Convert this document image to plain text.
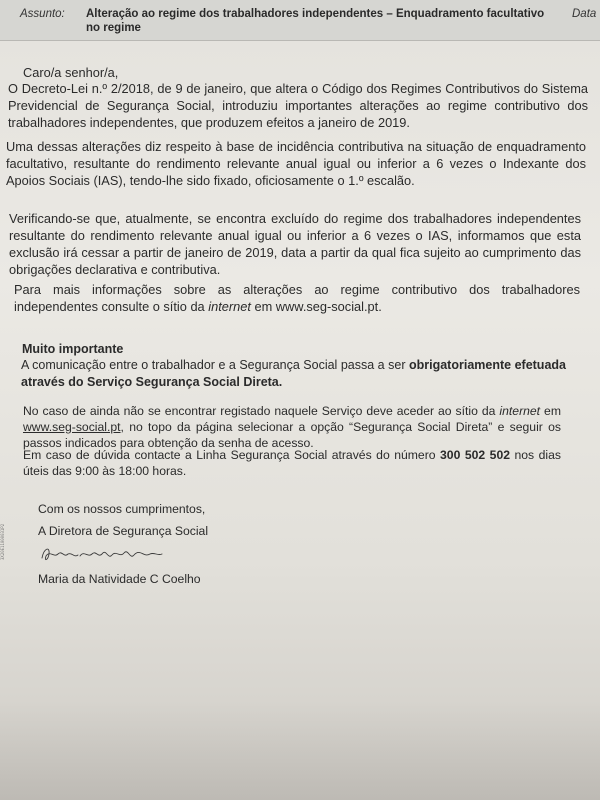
Assunto: Alteração ao regime dos trabalhadores independentes – Enquadramento facultativo no regime
Data
Caro/a senhor/a,
O Decreto-Lei n.º 2/2018, de 9 de janeiro, que altera o Código dos Regimes Contributivos do Sistema Previdencial de Segurança Social, introduziu importantes alterações ao regime contributivo dos trabalhadores independentes, que produzem efeitos a janeiro de 2019.
Uma dessas alterações diz respeito à base de incidência contributiva na situação de enquadramento facultativo, resultante do rendimento relevante anual igual ou inferior a 6 vezes o Indexante dos Apoios Sociais (IAS), tendo-lhe sido fixado, oficiosamente o 1.º escalão.
Verificando-se que, atualmente, se encontra excluído do regime dos trabalhadores independentes resultante do rendimento relevante anual igual ou inferior a 6 vezes o IAS, informamos que esta exclusão irá cessar a partir de janeiro de 2019, data a partir da qual fica sujeito ao cumprimento das obrigações declarativa e contributiva.
Para mais informações sobre as alterações ao regime contributivo dos trabalhadores independentes consulte o sítio da internet em www.seg-social.pt.
Muito importante
A comunicação entre o trabalhador e a Segurança Social passa a ser obrigatoriamente efetuada através do Serviço Segurança Social Direta.
No caso de ainda não se encontrar registado naquele Serviço deve aceder ao sítio da internet em www.seg-social.pt, no topo da página selecionar a opção “Segurança Social Direta” e seguir os passos indicados para obtenção da senha de acesso.
Em caso de dúvida contacte a Linha Segurança Social através do número 300 502 502 nos dias úteis das 9:00 às 18:00 horas.
Com os nossos cumprimentos,
A Diretora de Segurança Social
Maria da Natividade C Coelho
3X20E11000031P2
